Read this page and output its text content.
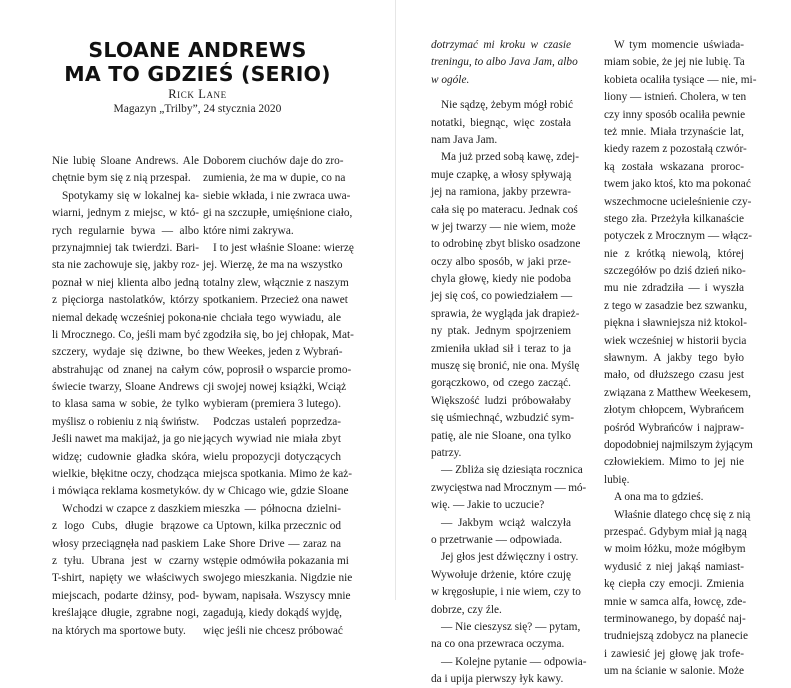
SLOANE ANDREWS
MA TO GDZIEŚ (SERIO)
Rick Lane
Magazyn „Trilby”, 24 stycznia 2020
Nie lubię Sloane Andrews. Ale
chętnie bym się z nią przespał.
Spotykamy się w lokalnej ka-
wiarni, jednym z miejsc, w któ-
rych regularnie bywa — albo
przynajmniej tak twierdzi. Bari-
sta nie zachowuje się, jakby roz-
poznał w niej klienta albo jedną
z pięciorga nastolatków, którzy
niemal dekadę wcześniej pokona-
li Mrocznego. Co, jeśli mam być
szczery, wydaje się dziwne, bo
abstrahując od znanej na całym
świecie twarzy, Sloane Andrews
to klasa sama w sobie, że tylko
myślisz o robieniu z nią świństw.
Jeśli nawet ma makijaż, ja go nie
widzę; cudownie gładka skóra,
wielkie, błękitne oczy, chodząca
i mówiąca reklama kosmetyków.
Wchodzi w czapce z daszkiem
z logo Cubs, długie brązowe
włosy przeciągnęła nad paskiem
z tyłu. Ubrana jest w czarny
T-shirt, napięty we właściwych
miejscach, podarte dżinsy, pod-
kreślające długie, zgrabne nogi,
na których ma sportowe buty.
Doborem ciuchów daje do zro-
zumienia, że ma w dupie, co na
siebie wkłada, i nie zwraca uwa-
gi na szczupłe, umięśnione ciało,
które nimi zakrywa.
I to jest właśnie Sloane: wierzę
jej. Wierzę, że ma na wszystko
totalny zlew, włącznie z naszym
spotkaniem. Przecież ona nawet
nie chciała tego wywiadu, ale
zgodziła się, bo jej chłopak, Mat-
thew Weekes, jeden z Wybrań-
ców, poprosił o wsparcie promo-
cji swojej nowej książki, Wciąż
wybieram (premiera 3 lutego).
Podczas ustaleń poprzedza-
jących wywiad nie miała zbyt
wielu propozycji dotyczących
miejsca spotkania. Mimo że każ-
dy w Chicago wie, gdzie Sloane
mieszka — północna dzielni-
ca Uptown, kilka przecznic od
Lake Shore Drive — zaraz na
wstępie odmówiła pokazania mi
swojego mieszkania. Nigdzie nie
bywam, napisała. Wszyscy mnie
zagadują, kiedy dokądś wyjdę,
więc jeśli nie chcesz próbować
dotrzymać mi kroku w czasie
treningu, to albo Java Jam, albo
w ogóle.
Nie sądzę, żebym mógł robić
notatki, biegnąc, więc została
nam Java Jam.
Ma już przed sobą kawę, zdej-
muje czapkę, a włosy spływają
jej na ramiona, jakby przewra-
cała się po materacu. Jednak coś
w jej twarzy — nie wiem, może
to odrobinę zbyt blisko osadzone
oczy albo sposób, w jaki prze-
chyla głowę, kiedy nie podoba
jej się coś, co powiedziałem —
sprawia, że wygląda jak drapież-
ny ptak. Jednym spojrzeniem
zmieniła układ sił i teraz to ja
muszę się bronić, nie ona. Myślę
gorączkowo, od czego zacząć.
Większość ludzi próbowałaby
się uśmiechnąć, wzbudzić sym-
patię, ale nie Sloane, ona tylko
patrzy.
— Zbliża się dziesiąta rocznica
zwycięstwa nad Mrocznym — mó-
wię. — Jakie to uczucie?
— Jakbym wciąż walczyła
o przetrwanie — odpowiada.
Jej głos jest dźwięczny i ostry.
Wywołuje drżenie, które czuję
w kręgosłupie, i nie wiem, czy to
dobrze, czy źle.
— Nie cieszysz się? — pytam,
na co ona przewraca oczyma.
— Kolejne pytanie — odpowia-
da i upija pierwszy łyk kawy.
W tym momencie uświada-
miam sobie, że jej nie lubię. Ta
kobieta ocaliła tysiące — nie, mi-
liony — istnień. Cholera, w ten
czy inny sposób ocaliła pewnie
też mnie. Miała trzynaście lat,
kiedy razem z pozostałą czwór-
ką została wskazana proroc-
twem jako ktoś, kto ma pokonać
wszechmocne ucieleśnienie czy-
stego zła. Przeżyła kilkanaście
potyczek z Mrocznym — włącz-
nie z krótką niewolą, której
szczegółów po dziś dzień niko-
mu nie zdradziła — i wyszła
z tego w zasadzie bez szwanku,
piękna i sławniejsza niż ktokol-
wiek wcześniej w historii bycia
sławnym. A jakby tego było
mało, od dłuższego czasu jest
związana z Matthew Weekesem,
złotym chłopcem, Wybrańcem
pośród Wybrańców i najpraw-
dopodobniej najmilszym żyjącym
człowiekiem. Mimo to jej nie
lubię.
A ona ma to gdzieś.
Właśnie dlatego chcę się z nią
przespać. Gdybym miał ją nagą
w moim łóżku, może mógłbym
wydusić z niej jakąś namiast-
kę ciepła czy emocji. Zmienia
mnie w samca alfa, łowcę, zde-
terminowanego, by dopaść naj-
trudniejszą zdobycz na planecie
i zawiesić jej głowę jak trofe-
um na ścianie w salonie. Może
